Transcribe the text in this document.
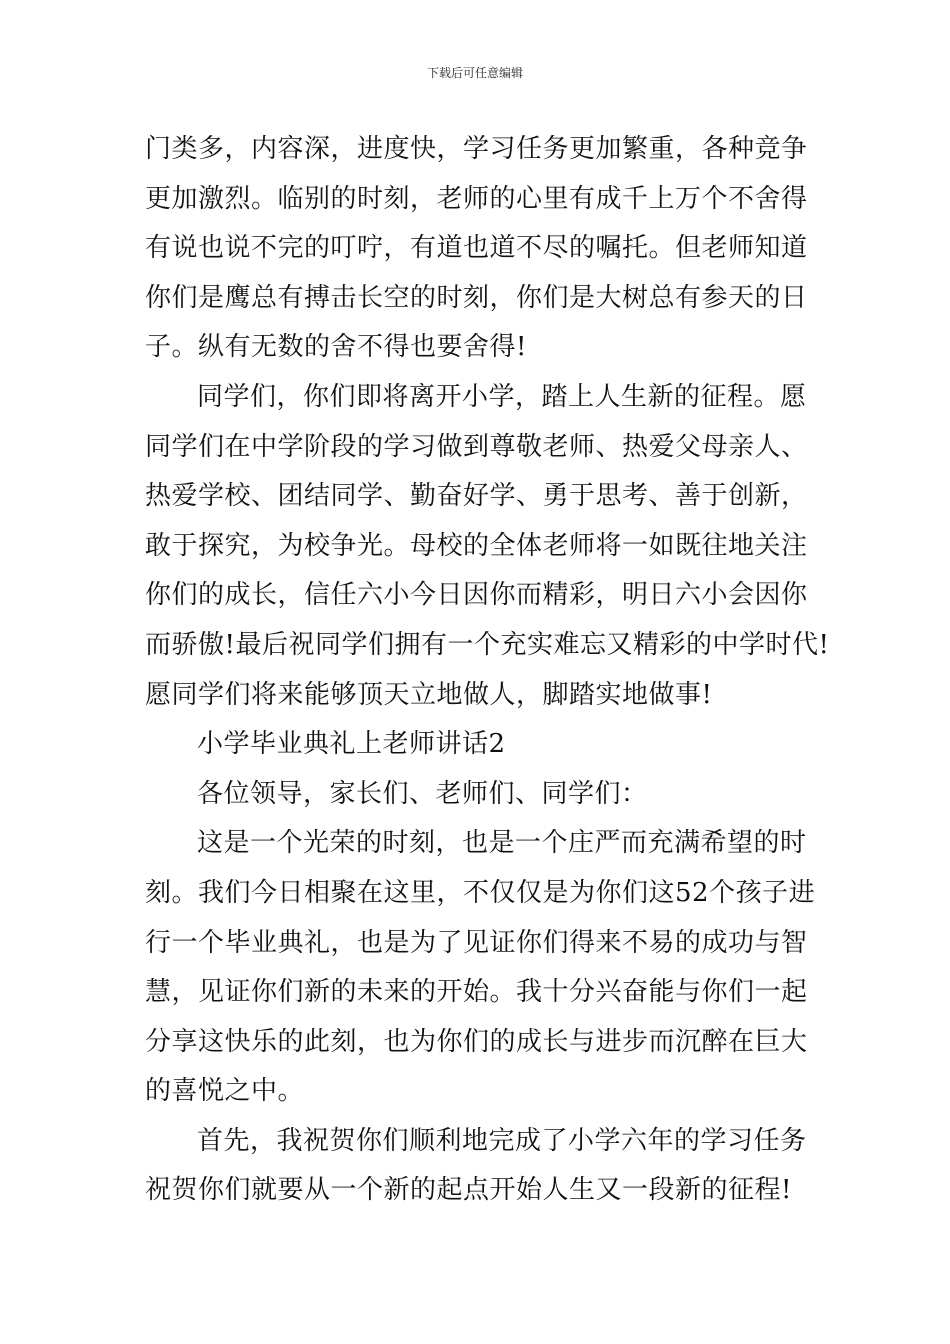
下载后可任意编辑
门类多，内容深，进度快，学习任务更加繁重，各种竞争
更加激烈。临别的时刻，老师的心里有成千上万个不舍得
有说也说不完的叮咛，有道也道不尽的嘱托。但老师知道
你们是鹰总有搏击长空的时刻，你们是大树总有参天的日
子。纵有无数的舍不得也要舍得!
同学们，你们即将离开小学，踏上人生新的征程。愿
同学们在中学阶段的学习做到尊敬老师、热爱父母亲人、
热爱学校、团结同学、勤奋好学、勇于思考、善于创新，
敢于探究，为校争光。母校的全体老师将一如既往地关注
你们的成长，信任六小今日因你而精彩，明日六小会因你
而骄傲!最后祝同学们拥有一个充实难忘又精彩的中学时代!
愿同学们将来能够顶天立地做人，脚踏实地做事!
小学毕业典礼上老师讲话2
各位领导，家长们、老师们、同学们：
这是一个光荣的时刻，也是一个庄严而充满希望的时
刻。我们今日相聚在这里，不仅仅是为你们这52个孩子进
行一个毕业典礼，也是为了见证你们得来不易的成功与智
慧，见证你们新的未来的开始。我十分兴奋能与你们一起
分享这快乐的此刻，也为你们的成长与进步而沉醉在巨大
的喜悦之中。
首先，我祝贺你们顺利地完成了小学六年的学习任务
祝贺你们就要从一个新的起点开始人生又一段新的征程!
